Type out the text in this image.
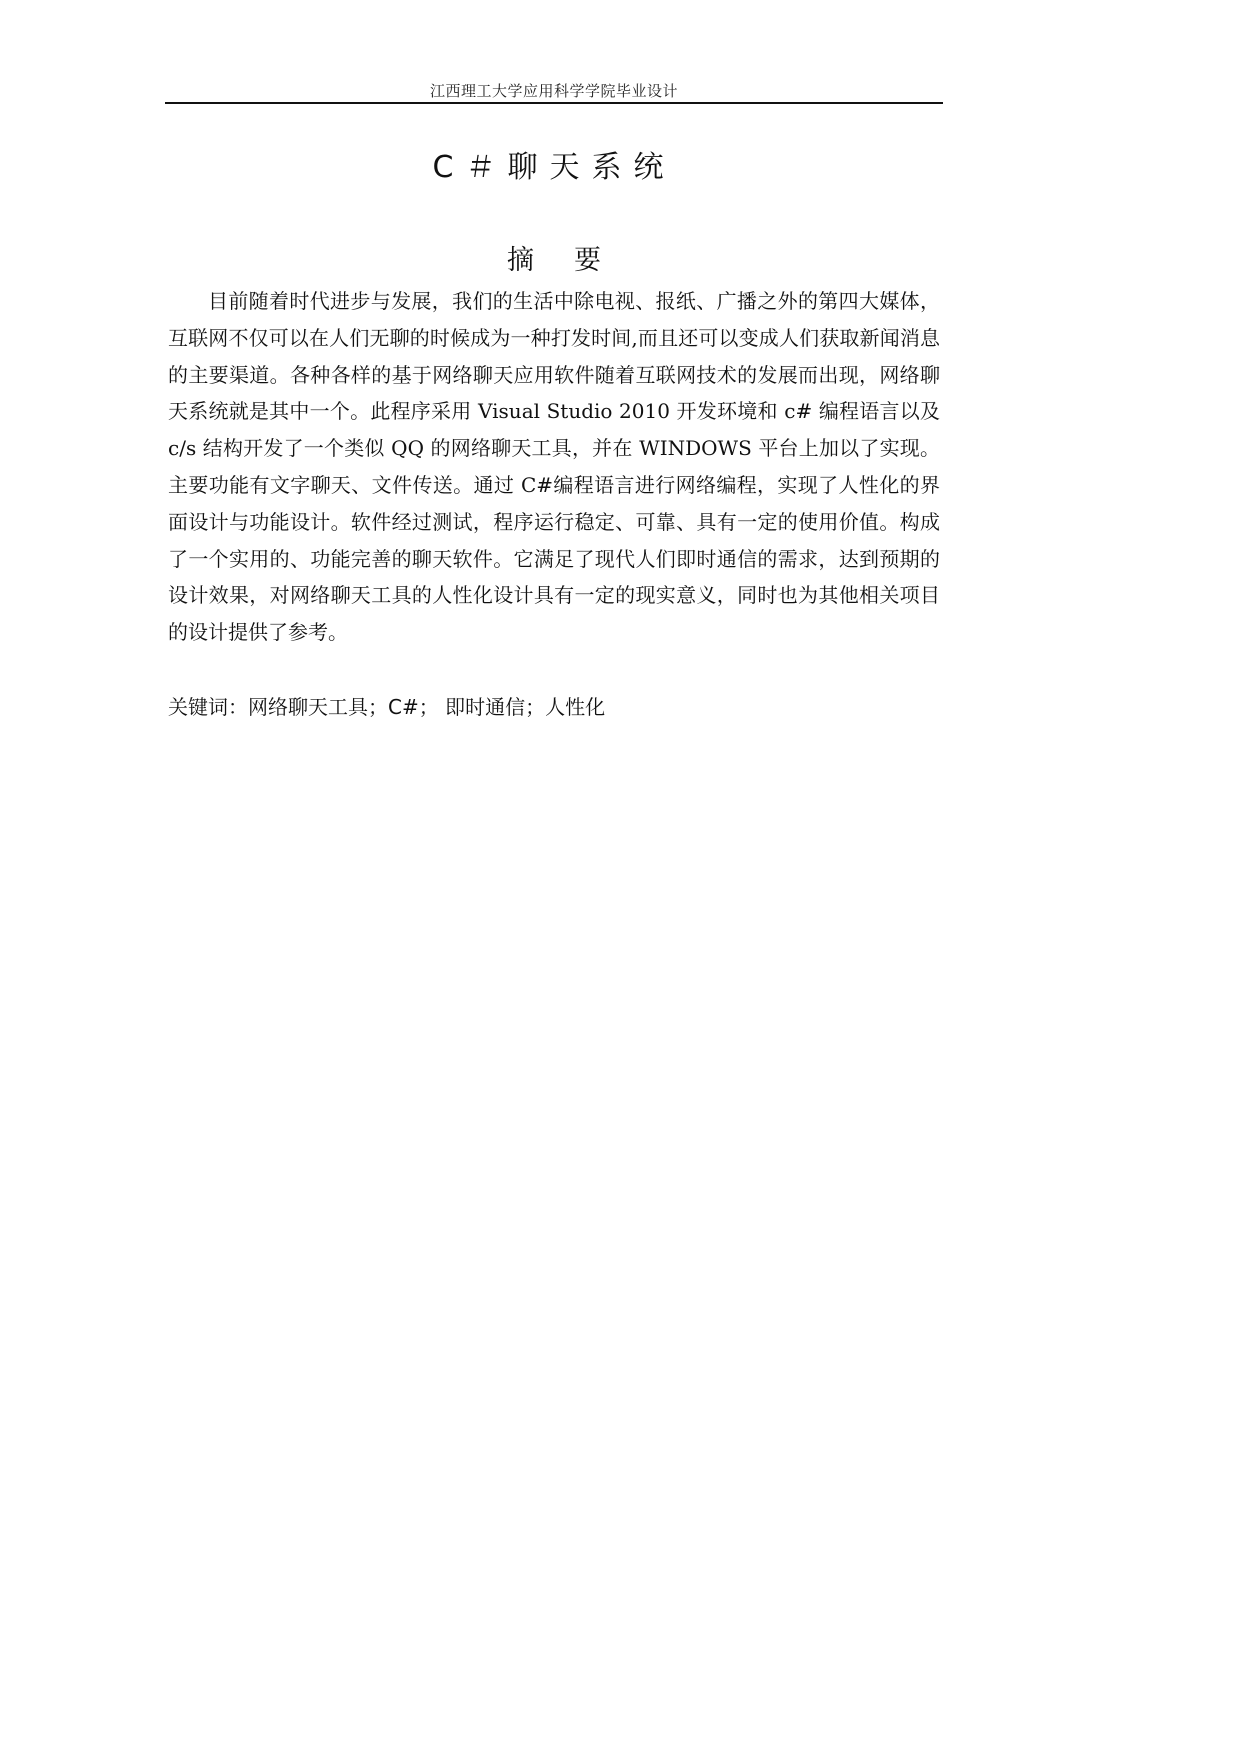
江西理工大学应用科学学院毕业设计
C＃聊天系统
摘要

目前随着时代进步与发展，我们的生活中除电视、报纸、广播之外的第四大媒体，互联网不仅可以在人们无聊的时候成为一种打发时间,而且还可以变成人们获取新闻消息的主要渠道。各种各样的基于网络聊天应用软件随着互联网技术的发展而出现，网络聊天系统就是其中一个。此程序采用 Visual Studio 2010 开发环境和 c# 编程语言以及 c/s 结构开发了一个类似 QQ 的网络聊天工具，并在 WINDOWS 平台上加以了实现。主要功能有文字聊天、文件传送。通过 C#编程语言进行网络编程，实现了人性化的界面设计与功能设计。软件经过测试，程序运行稳定、可靠、具有一定的使用价值。构成了一个实用的、功能完善的聊天软件。它满足了现代人们即时通信的需求，达到预期的设计效果，对网络聊天工具的人性化设计具有一定的现实意义，同时也为其他相关项目的设计提供了参考。

关键词：网络聊天工具；C#； 即时通信；人性化
